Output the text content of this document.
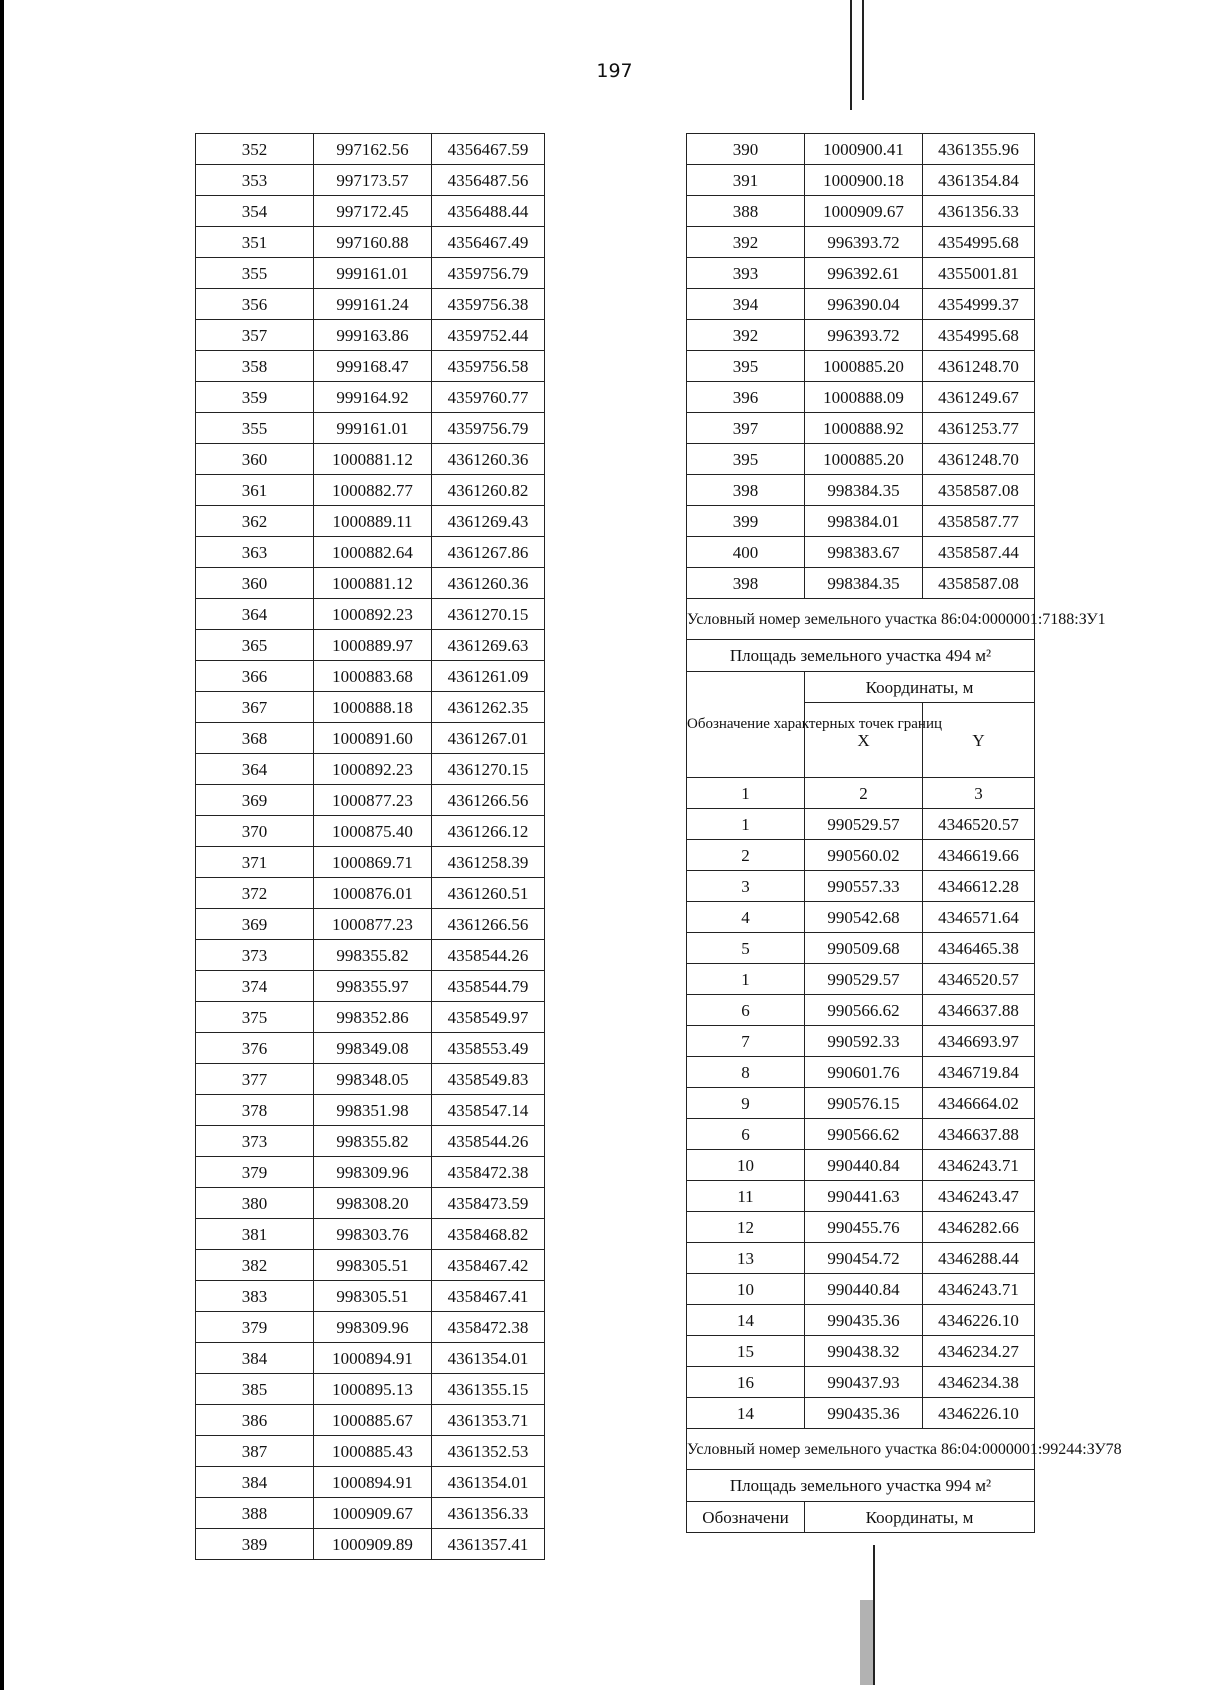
197
352	997162.56	4356467.59
353	997173.57	4356487.56
354	997172.45	4356488.44
351	997160.88	4356467.49
355	999161.01	4359756.79
356	999161.24	4359756.38
357	999163.86	4359752.44
358	999168.47	4359756.58
359	999164.92	4359760.77
355	999161.01	4359756.79
360	1000881.12	4361260.36
361	1000882.77	4361260.82
362	1000889.11	4361269.43
363	1000882.64	4361267.86
360	1000881.12	4361260.36
364	1000892.23	4361270.15
365	1000889.97	4361269.63
366	1000883.68	4361261.09
367	1000888.18	4361262.35
368	1000891.60	4361267.01
364	1000892.23	4361270.15
369	1000877.23	4361266.56
370	1000875.40	4361266.12
371	1000869.71	4361258.39
372	1000876.01	4361260.51
369	1000877.23	4361266.56
373	998355.82	4358544.26
374	998355.97	4358544.79
375	998352.86	4358549.97
376	998349.08	4358553.49
377	998348.05	4358549.83
378	998351.98	4358547.14
373	998355.82	4358544.26
379	998309.96	4358472.38
380	998308.20	4358473.59
381	998303.76	4358468.82
382	998305.51	4358467.42
383	998305.51	4358467.41
379	998309.96	4358472.38
384	1000894.91	4361354.01
385	1000895.13	4361355.15
386	1000885.67	4361353.71
387	1000885.43	4361352.53
384	1000894.91	4361354.01
388	1000909.67	4361356.33
389	1000909.89	4361357.41
390	1000900.41	4361355.96
391	1000900.18	4361354.84
388	1000909.67	4361356.33
392	996393.72	4354995.68
393	996392.61	4355001.81
394	996390.04	4354999.37
392	996393.72	4354995.68
395	1000885.20	4361248.70
396	1000888.09	4361249.67
397	1000888.92	4361253.77
395	1000885.20	4361248.70
398	998384.35	4358587.08
399	998384.01	4358587.77
400	998383.67	4358587.44
398	998384.35	4358587.08
Условный номер земельного участка 86:04:0000001:7188:ЗУ1		
Площадь земельного участка 494 м²		
Обозначение характерных точек границ	Координаты, м	
	X	Y
1	2	3
1	990529.57	4346520.57
2	990560.02	4346619.66
3	990557.33	4346612.28
4	990542.68	4346571.64
5	990509.68	4346465.38
1	990529.57	4346520.57
6	990566.62	4346637.88
7	990592.33	4346693.97
8	990601.76	4346719.84
9	990576.15	4346664.02
6	990566.62	4346637.88
10	990440.84	4346243.71
11	990441.63	4346243.47
12	990455.76	4346282.66
13	990454.72	4346288.44
10	990440.84	4346243.71
14	990435.36	4346226.10
15	990438.32	4346234.27
16	990437.93	4346234.38
14	990435.36	4346226.10
Условный номер земельного участка 86:04:0000001:99244:ЗУ78		
Площадь земельного участка 994 м²		
Обозначени	Координаты, м	
